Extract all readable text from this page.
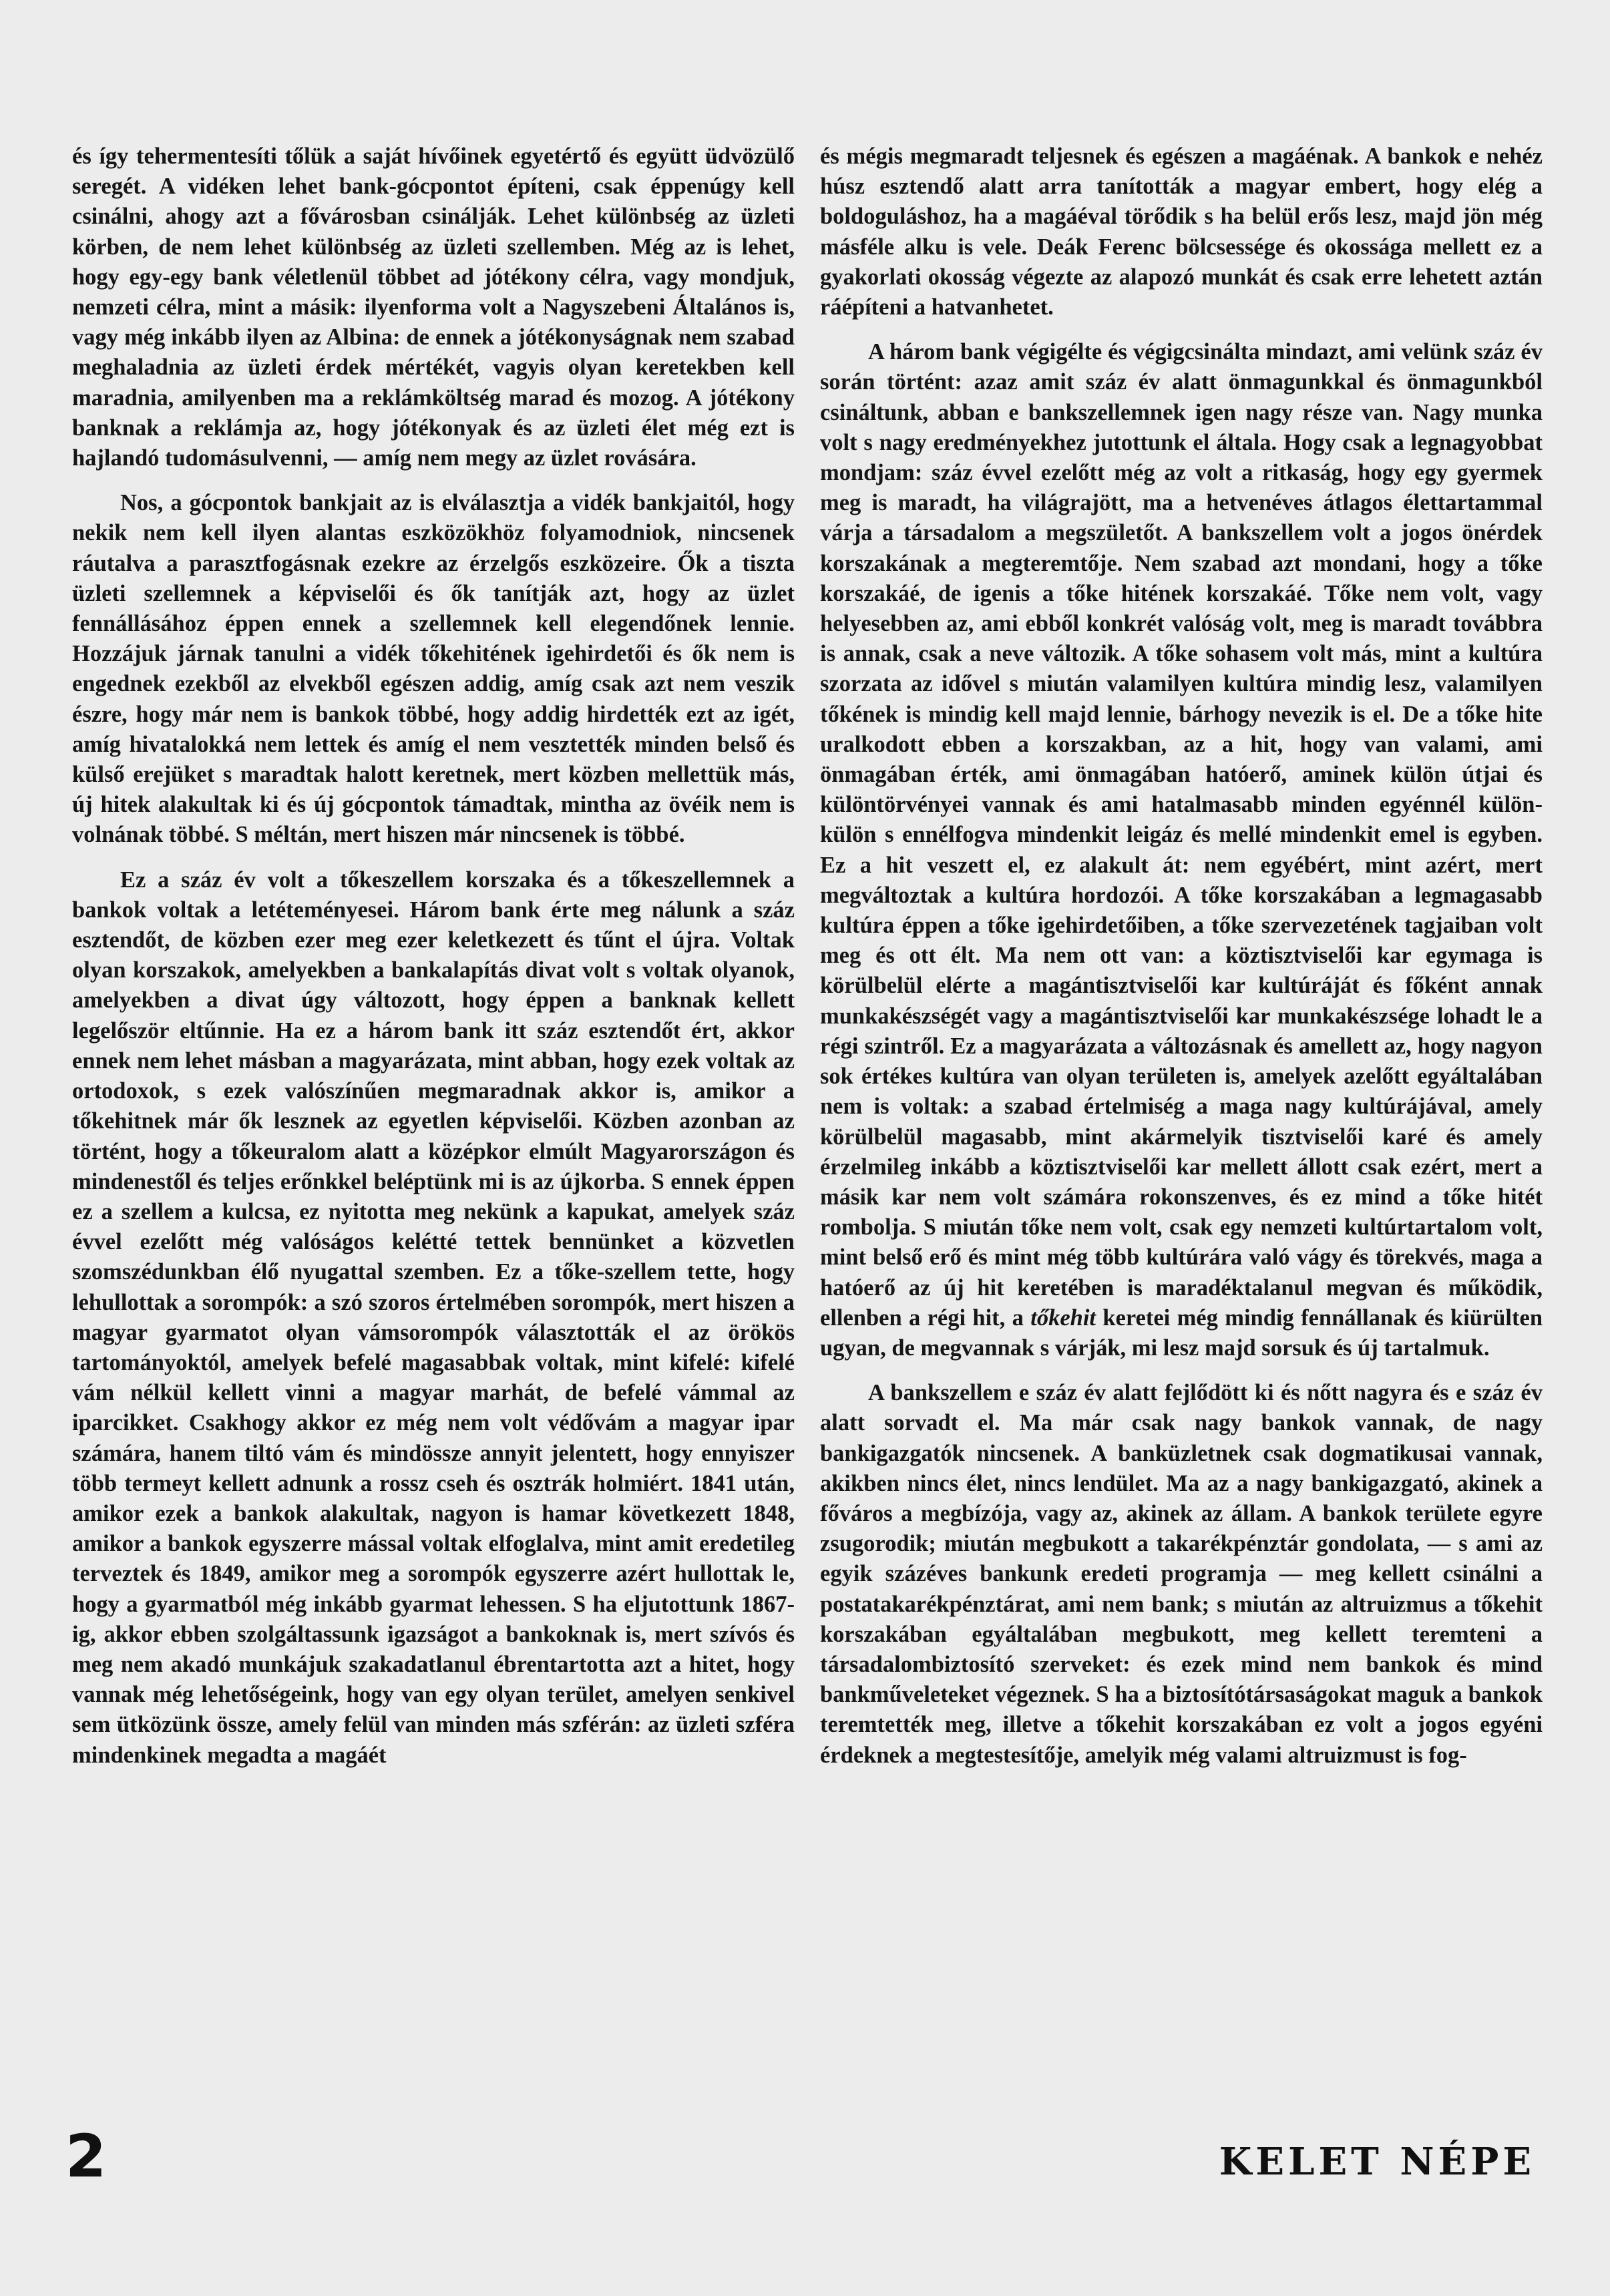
és így tehermentesíti tőlük a saját hívőinek egyetértő és együtt üdvözülő seregét. A vidéken lehet bank-gócpontot építeni, csak éppenúgy kell csinálni, ahogy azt a fővárosban csinálják. Lehet különbség az üzleti körben, de nem lehet különbség az üzleti szellemben. Még az is lehet, hogy egy-egy bank véletlenül többet ad jótékony célra, vagy mondjuk, nemzeti célra, mint a másik: ilyenforma volt a Nagyszebeni Általános is, vagy még inkább ilyen az Albina: de ennek a jótékonyságnak nem szabad meghaladnia az üzleti érdek mértékét, vagyis olyan keretekben kell maradnia, amilyenben ma a reklámköltség marad és mozog. A jótékony banknak a reklámja az, hogy jótékonyak és az üzleti élet még ezt is hajlandó tudomásulvenni, — amíg nem megy az üzlet rovására.

Nos, a gócpontok bankjait az is elválasztja a vidék bankjaitól, hogy nekik nem kell ilyen alantas eszközökhöz folyamodniok, nincsenek ráutalva a parasztfogásnak ezekre az érzelgős eszközeire. Ők a tiszta üzleti szellemnek a képviselői és ők tanítják azt, hogy az üzlet fennállásához éppen ennek a szellemnek kell elegendőnek lennie. Hozzájuk járnak tanulni a vidék tőkehitének igehirdetői és ők nem is engednek ezekből az elvekből egészen addig, amíg csak azt nem veszik észre, hogy már nem is bankok többé, hogy addig hirdették ezt az igét, amíg hivatalokká nem lettek és amíg el nem vesztették minden belső és külső erejüket s maradtak halott keretnek, mert közben mellettük más, új hitek alakultak ki és új gócpontok támadtak, mintha az övéik nem is volnának többé. S méltán, mert hiszen már nincsenek is többé.

Ez a száz év volt a tőkeszellem korszaka és a tőkeszellemnek a bankok voltak a letéteményesei. Három bank érte meg nálunk a száz esztendőt, de közben ezer meg ezer keletkezett és tűnt el újra. Voltak olyan korszakok, amelyekben a bankalapítás divat volt s voltak olyanok, amelyekben a divat úgy változott, hogy éppen a banknak kellett legelőször eltűnnie. Ha ez a három bank itt száz esztendőt ért, akkor ennek nem lehet másban a magyarázata, mint abban, hogy ezek voltak az ortodoxok, s ezek valószínűen megmaradnak akkor is, amikor a tőkehitnek már ők lesznek az egyetlen képviselői. Közben azonban az történt, hogy a tőkeuralom alatt a középkor elmúlt Magyarországon és mindenestől és teljes erőnkkel beléptünk mi is az újkorba. S ennek éppen ez a szellem a kulcsa, ez nyitotta meg nekünk a kapukat, amelyek száz évvel ezelőtt még valóságos kelétté tettek bennünket a közvetlen szomszédunkban élő nyugattal szemben. Ez a tőke-szellem tette, hogy lehullottak a sorompók: a szó szoros értelmében sorompók, mert hiszen a magyar gyarmatot olyan vámsorompók választották el az örökös tartományoktól, amelyek befelé magasabbak voltak, mint kifelé: kifelé vám nélkül kellett vinni a magyar marhát, de befelé vámmal az iparcikket. Csakhogy akkor ez még nem volt védővám a magyar ipar számára, hanem tiltó vám és mindössze annyit jelentett, hogy ennyiszer több termeyt kellett adnunk a rossz cseh és osztrák holmiért. 1841 után, amikor ezek a bankok alakultak, nagyon is hamar következett 1848, amikor a bankok egyszerre mással voltak elfoglalva, mint amit eredetileg terveztek és 1849, amikor meg a sorompók egyszerre azért hullottak le, hogy a gyarmatból még inkább gyarmat lehessen. S ha eljutottunk 1867-ig, akkor ebben szolgáltassunk igazságot a bankoknak is, mert szívós és meg nem akadó munkájuk szakadatlanul ébrentartotta azt a hitet, hogy vannak még lehetőségeink, hogy van egy olyan terület, amelyen senkivel sem ütközünk össze, amely felül van minden más szférán: az üzleti szféra mindenkinek megadta a magáét

és mégis megmaradt teljesnek és egészen a magáénak. A bankok e nehéz húsz esztendő alatt arra tanították a magyar embert, hogy elég a boldoguláshoz, ha a magáéval törődik s ha belül erős lesz, majd jön még másféle alku is vele. Deák Ferenc bölcsessége és okossága mellett ez a gyakorlati okosság végezte az alapozó munkát és csak erre lehetett aztán ráépíteni a hatvanhetet.

A három bank végigélte és végigcsinálta mindazt, ami velünk száz év során történt: azaz amit száz év alatt önmagunkkal és önmagunkból csináltunk, abban e bankszellemnek igen nagy része van. Nagy munka volt s nagy eredményekhez jutottunk el általa. Hogy csak a legnagyobbat mondjam: száz évvel ezelőtt még az volt a ritkaság, hogy egy gyermek meg is maradt, ha világrajött, ma a hetvenéves átlagos élettartammal várja a társadalom a megszületőt. A bankszellem volt a jogos önérdek korszakának a megteremtője. Nem szabad azt mondani, hogy a tőke korszakáé, de igenis a tőke hitének korszakáé. Tőke nem volt, vagy helyesebben az, ami ebből konkrét valóság volt, meg is maradt továbbra is annak, csak a neve változik. A tőke sohasem volt más, mint a kultúra szorzata az idővel s miután valamilyen kultúra mindig lesz, valamilyen tőkének is mindig kell majd lennie, bárhogy nevezik is el. De a tőke hite uralkodott ebben a korszakban, az a hit, hogy van valami, ami önmagában érték, ami önmagában hatóerő, aminek külön útjai és különtörvényei vannak és ami hatalmasabb minden egyénnél külön-külön s ennélfogva mindenkit leigáz és mellé mindenkit emel is egyben. Ez a hit veszett el, ez alakult át: nem egyébért, mint azért, mert megváltoztak a kultúra hordozói. A tőke korszakában a legmagasabb kultúra éppen a tőke igehirdetőiben, a tőke szervezetének tagjaiban volt meg és ott élt. Ma nem ott van: a köztisztviselői kar egymaga is körülbelül elérte a magántisztviselői kar kultúráját és főként annak munkakészségét vagy a magántisztviselői kar munkakészsége lohadt le a régi szintről. Ez a magyarázata a változásnak és amellett az, hogy nagyon sok értékes kultúra van olyan területen is, amelyek azelőtt egyáltalában nem is voltak: a szabad értelmiség a maga nagy kultúrájával, amely körülbelül magasabb, mint akármelyik tisztviselői karé és amely érzelmileg inkább a köztisztviselői kar mellett állott csak ezért, mert a másik kar nem volt számára rokonszenves, és ez mind a tőke hitét rombolja. S miután tőke nem volt, csak egy nemzeti kultúrtartalom volt, mint belső erő és mint még több kultúrára való vágy és törekvés, maga a hatóerő az új hit keretében is maradéktalanul megvan és működik, ellenben a régi hit, a tőkehit keretei még mindig fennállanak és kiürülten ugyan, de megvannak s várják, mi lesz majd sorsuk és új tartalmuk.

A bankszellem e száz év alatt fejlődött ki és nőtt nagyra és e száz év alatt sorvadt el. Ma már csak nagy bankok vannak, de nagy bankigazgatók nincsenek. A banküzletnek csak dogmatikusai vannak, akikben nincs élet, nincs lendület. Ma az a nagy bankigazgató, akinek a főváros a megbízója, vagy az, akinek az állam. A bankok területe egyre zsugorodik; miután megbukott a takarékpénztár gondolata, — s ami az egyik százéves bankunk eredeti programja — meg kellett csinálni a postatakarékpénztárat, ami nem bank; s miután az altruizmus a tőkehit korszakában egyáltalában megbukott, meg kellett teremteni a társadalombiztosító szerveket: és ezek mind nem bankok és mind bankműveleteket végeznek. S ha a biztosítótársaságokat maguk a bankok teremtették meg, illetve a tőkehit korszakában ez volt a jogos egyéni érdeknek a megtestesítője, amelyik még valami altruizmust is fog-

2	KELET NÉPE
